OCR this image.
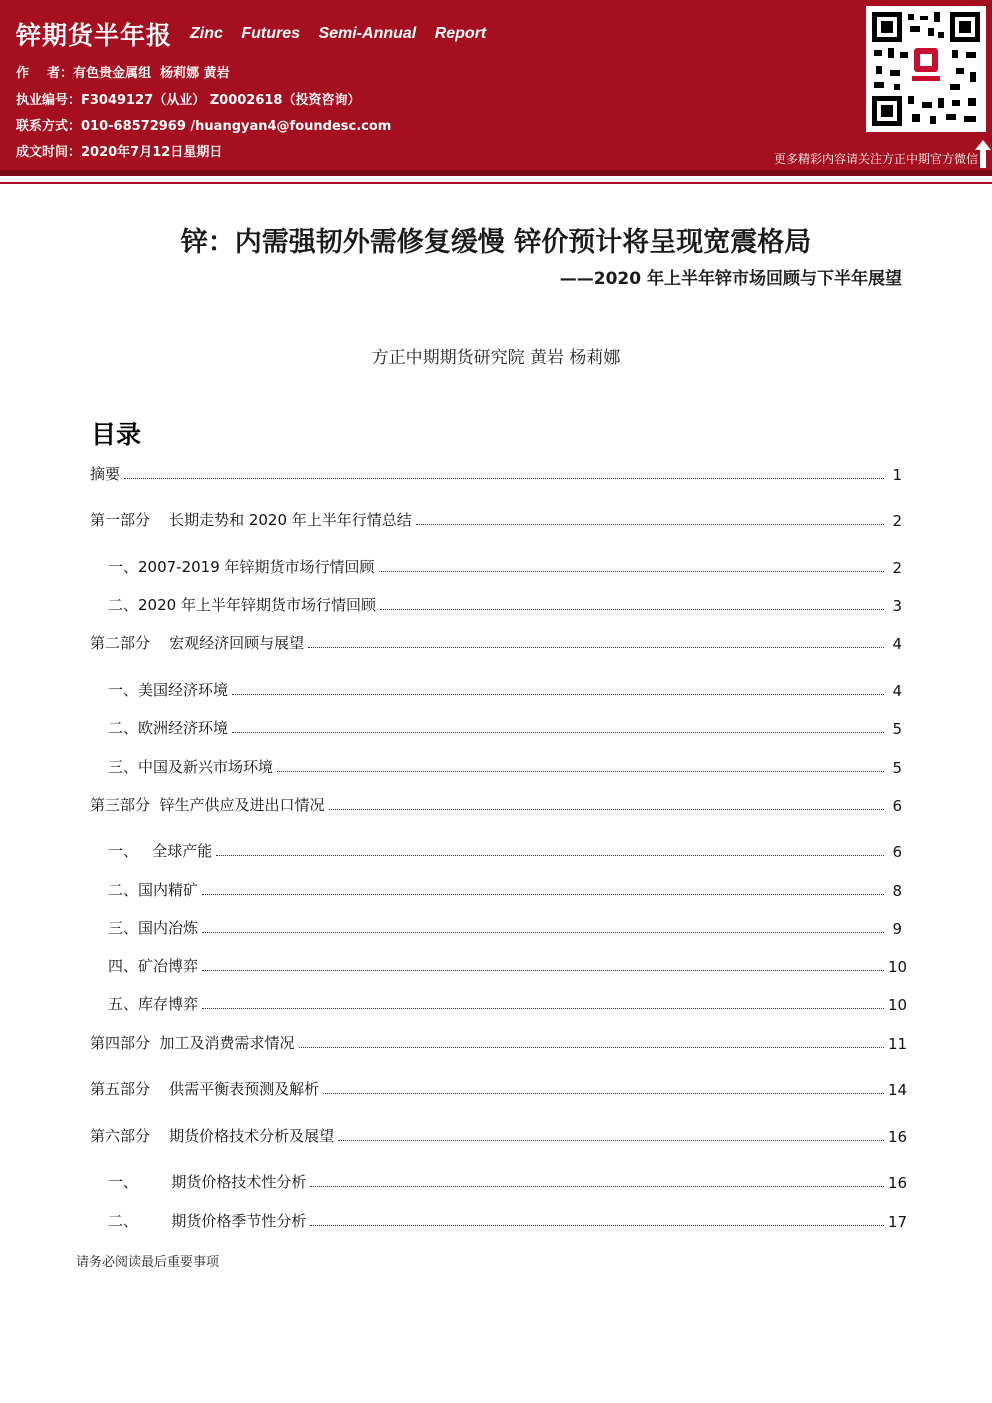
锌期货半年报 Zinc Futures Semi-Annual Report
作    者：有色贵金属组  杨莉娜 黄岩
执业编号：F3049127（从业） Z0002618（投资咨询）
联系方式：010-68572969 /huangyan4@foundesc.com
成文时间：2020年7月12日星期日	更多精彩内容请关注方正中期官方微信
锌：内需强韧外需修复缓慢 锌价预计将呈现宽震格局
——2020 年上半年锌市场回顾与下半年展望
方正中期期货研究院 黄岩 杨莉娜
目录
摘要	1
第一部分    长期走势和 2020 年上半年行情总结	2
一、2007-2019 年锌期货市场行情回顾	2
二、2020 年上半年锌期货市场行情回顾	3
第二部分    宏观经济回顾与展望	4
一、美国经济环境	4
二、欧洲经济环境	5
三、中国及新兴市场环境	5
第三部分  锌生产供应及进出口情况	6
一、   全球产能	6
二、国内精矿	8
三、国内冶炼	9
四、矿冶博弈	10
五、库存博弈	10
第四部分  加工及消费需求情况	11
第五部分    供需平衡表预测及解析	14
第六部分    期货价格技术分析及展望	16
一、       期货价格技术性分析	16
二、       期货价格季节性分析	17
请务必阅读最后重要事项
